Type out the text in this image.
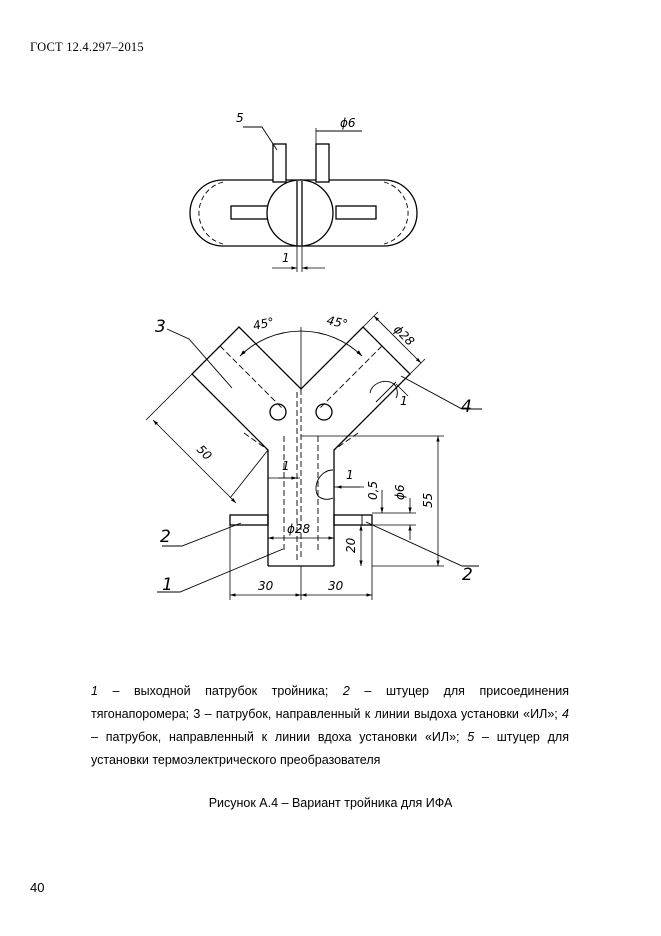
ГОСТ 12.4.297–2015
5	ϕ6
1
3
4
2
2
1
45°	45°	ϕ28
1
50
1
1
0,5 ϕ6
55
ϕ28
20
30	30

1 – выходной патрубок тройника; 2 – штуцер для присоединения тягонапоромера; 3 – патрубок, направленный к линии выдоха установки «ИЛ»; 4 – патрубок, направленный к линии вдоха установки «ИЛ»; 5 – штуцер для установки термоэлектрического преобразователя

Рисунок А.4 – Вариант тройника для ИФА
40
